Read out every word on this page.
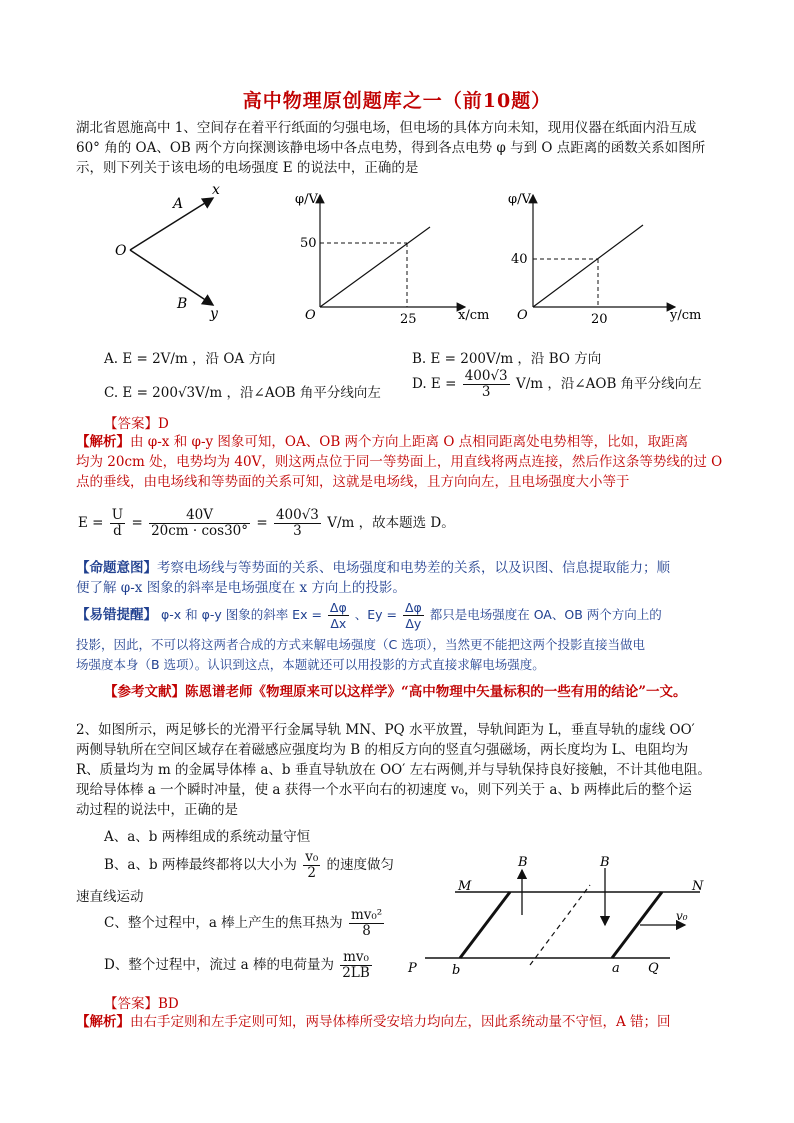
高中物理原创题库之一（前10题）
湖北省恩施高中 1、空间存在着平行纸面的匀强电场，但电场的具体方向未知，现用仪器在纸面内沿互成
60° 角的 OA、OB 两个方向探测该静电场中各点电势，得到各点电势 φ 与到 O 点距离的函数关系如图所
示，则下列关于该电场的电场强度 E 的说法中，正确的是
O
A
x
B
y
φ/V
x/cm
O
50
25
φ/V
y/cm
O
40
20
A. E = 2V/m ，沿 OA 方向	B. E = 200V/m ，沿 BO 方向
C. E = 200√3V/m ，沿∠AOB 角平分线向左
D. $E = \frac{400√3}{3} V/m$ ，沿∠AOB 角平分线向左
【答案】D
【解析】由 φ-x 和 φ-y 图象可知，OA、OB 两个方向上距离 O 点相同距离处电势相等，比如，取距离
均为 20cm 处，电势均为 40V，则这两点位于同一等势面上，用直线将两点连接，然后作这条等势线的过 O
点的垂线，由电场线和等势面的关系可知，这就是电场线，且方向向左，且电场强度大小等于
$E = \frac{U}{d} = \frac{40V}{20cm \cdot \cos 30^\circ} = \frac{400√3}{3} V/m$ ，故本题选 D。
【命题意图】考察电场线与等势面的关系、电场强度和电势差的关系，以及识图、信息提取能力；顺
便了解 φ-x 图象的斜率是电场强度在 x 方向上的投影。
【易错提醒】 φ-x 和 φ-y 图象的斜率 $Ex = \frac{\Delta\varphi}{\Delta x}$ 、$Ey = \frac{\Delta\varphi}{\Delta y}$ 都只是电场强度在 OA、OB 两个方向上的
投影，因此，不可以将这两者合成的方式来解电场强度（C 选项），当然更不能把这两个投影直接当做电
场强度本身（B 选项）。认识到这点，本题就还可以用投影的方式直接求解电场强度。
【参考文献】陈恩谱老师《物理原来可以这样学》“高中物理中矢量标积的一些有用的结论”一文。
2、如图所示，两足够长的光滑平行金属导轨 MN、PQ 水平放置，导轨间距为 L，垂直导轨的虚线 OO′
两侧导轨所在空间区域存在着磁感应强度均为 B 的相反方向的竖直匀强磁场，两长度均为 L、电阻均为
R、质量均为 m 的金属导体棒 a、b 垂直导轨放在 OO′ 左右两侧,并与导轨保持良好接触，不计其他电阻。
现给导体棒 a 一个瞬时冲量，使 a 获得一个水平向右的初速度 v₀，则下列关于 a、b 两棒此后的整个运
动过程的说法中，正确的是
A、a、b 两棒组成的系统动量守恒
B、a、b 两棒最终都将以大小为 $\frac{\text{v₀}}{2}$ 的速度做匀
速直线运动
C、整个过程中，a 棒上产生的焦耳热为 $\frac{\text{mv₀²}}{8}$
D、整个过程中，流过 a 棒的电荷量为 $\frac{\text{mv₀}}{2LB}$
M	N
P	Q
b	a
B	B
v₀
【答案】BD
【解析】由右手定则和左手定则可知，两导体棒所受安培力均向左，因此系统动量不守恒，A 错；回
